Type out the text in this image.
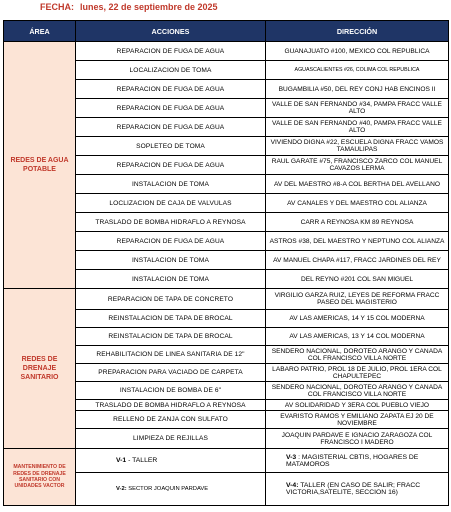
FECHA: lunes, 22 de septiembre de 2025
ÁREA	ACCIONES	DIRECCIÓN
REDES DE AGUA POTABLE	REPARACION DE FUGA DE AGUA	GUANAJUATO #100, MEXICO COL REPUBLICA
	LOCALIZACION DE TOMA	AGUASCALIENTES #26, COLIMA COL REPUBLICA
	REPARACION DE FUGA DE AGUA	BUGAMBILIA #50, DEL REY CONJ HAB ENCINOS II
	REPARACION DE FUGA DE AGUA	VALLE DE SAN FERNANDO #34, PAMPA FRACC VALLE ALTO
	REPARACION DE FUGA DE AGUA	VALLE DE SAN FERNANDO #40, PAMPA FRACC VALLE ALTO
	SOPLETEO DE TOMA	VIVIENDO DIGNA #22, ESCUELA DIGNA FRACC VAMOS TAMAULIPAS
	REPARACION DE FUGA DE AGUA	RAUL GARATE #75, FRANCISCO ZARCO COL MANUEL CAVAZOS LERMA
	INSTALACION DE TOMA	AV DEL MAESTRO #8-A COL BERTHA DEL AVELLANO
	LOCLIZACION DE CAJA DE VALVULAS	AV CANALES Y DEL MAESTRO COL ALIANZA
	TRASLADO DE BOMBA HIDRAFLO A REYNOSA	CARR A REYNOSA KM 89 REYNOSA
	REPARACION DE FUGA DE AGUA	ASTROS #38, DEL MAESTRO Y NEPTUNO COL ALIANZA
	INSTALACION DE TOMA	AV MANUEL CHAPA #117, FRACC JARDINES DEL REY
	INSTALACION DE TOMA	DEL REYNO #201 COL SAN MIGUEL
REDES DE DRENAJE SANITARIO	REPARACION DE TAPA DE CONCRETO	VIRGILIO GARZA RUIZ, LEYES DE REFORMA FRACC PASEO DEL MAGISTERIO
	REINSTALACION DE TAPA DE BROCAL	AV LAS AMERICAS, 14 Y 15 COL MODERNA
	REINSTALACION DE TAPA DE BROCAL	AV LAS AMERICAS, 13 Y 14 COL MODERNA
	REHABILITACION DE LINEA SANITARIA DE 12"	SENDERO NACIONAL, DOROTEO ARANGO Y CANADA COL FRANCISCO VILLA NORTE
	PREPARACION PARA VACIADO DE CARPETA	LABARO PATRIO, PROL 18 DE JULIO, PROL 1ERA COL CHAPULTEPEC
	INSTALACION DE BOMBA DE 6"	SENDERO NACIONAL, DOROTEO ARANGO Y CANADA COL FRANCISCO VILLA NORTE
	TRASLADO DE BOMBA HIDRAFLO A REYNOSA	AV SOLIDARIDAD Y 3ERA COL PUEBLO VIEJO
	RELLENO DE ZANJA CON SULFATO	EVARISTO RAMOS Y EMILIANO ZAPATA EJ 20 DE NOVIEMBRE
	LIMPIEZA DE REJILLAS	JOAQUIN PARDAVE E IGNACIO ZARAGOZA COL FRANCISCO I MADERO
MANTENIMIENTO DE REDES DE DRENAJE SANITARIO CON UNIDADES VACTOR	V-1 - TALLER	V-3 : MAGISTERIAL CBTIS, HOGARES DE MATAMOROS
	V-2: SECTOR JOAQUIN PARDAVE	V-4: TALLER (EN CASO DE SALIR; FRACC VICTORIA,SATELITE, SECCION 16)
